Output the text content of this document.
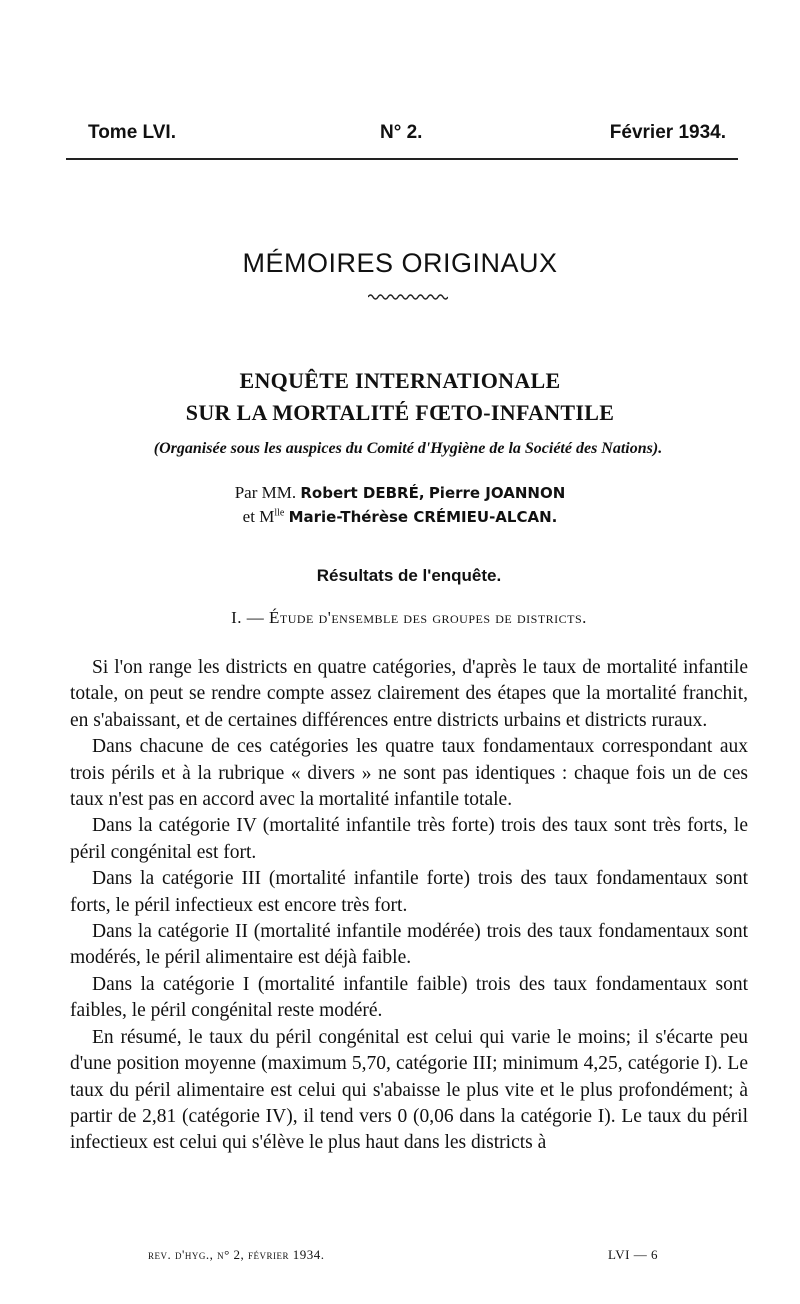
Tome LVI.	N° 2.	Février 1934.
MÉMOIRES ORIGINAUX
ENQUÊTE INTERNATIONALE
SUR LA MORTALITÉ FŒTO-INFANTILE
(Organisée sous les auspices du Comité d'Hygiène de la Société des Nations).
Par MM. Robert DEBRÉ, Pierre JOANNON
et $M^{lle}$ Marie-Thérèse CRÉMIEU-ALCAN.
Résultats de l'enquête.
I. — Étude d'ensemble des groupes de districts.

Si l'on range les districts en quatre catégories, d'après le taux de mortalité infantile totale, on peut se rendre compte assez clairement des étapes que la mortalité franchit, en s'abaissant, et de certaines différences entre districts urbains et districts ruraux.

Dans chacune de ces catégories les quatre taux fondamentaux correspondant aux trois périls et à la rubrique « divers » ne sont pas identiques : chaque fois un de ces taux n'est pas en accord avec la mortalité infantile totale.

Dans la catégorie IV (mortalité infantile très forte) trois des taux sont très forts, le péril congénital est fort.

Dans la catégorie III (mortalité infantile forte) trois des taux fondamentaux sont forts, le péril infectieux est encore très fort.

Dans la catégorie II (mortalité infantile modérée) trois des taux fondamentaux sont modérés, le péril alimentaire est déjà faible.

Dans la catégorie I (mortalité infantile faible) trois des taux fondamentaux sont faibles, le péril congénital reste modéré.

En résumé, le taux du péril congénital est celui qui varie le moins; il s'écarte peu d'une position moyenne (maximum 5,70, catégorie III; minimum 4,25, catégorie I). Le taux du péril alimentaire est celui qui s'abaisse le plus vite et le plus profondément; à partir de 2,81 (catégorie IV), il tend vers 0 (0,06 dans la catégorie I). Le taux du péril infectieux est celui qui s'élève le plus haut dans les districts à

rev. d'hyg., n° 2, février 1934.	LVI — 6
